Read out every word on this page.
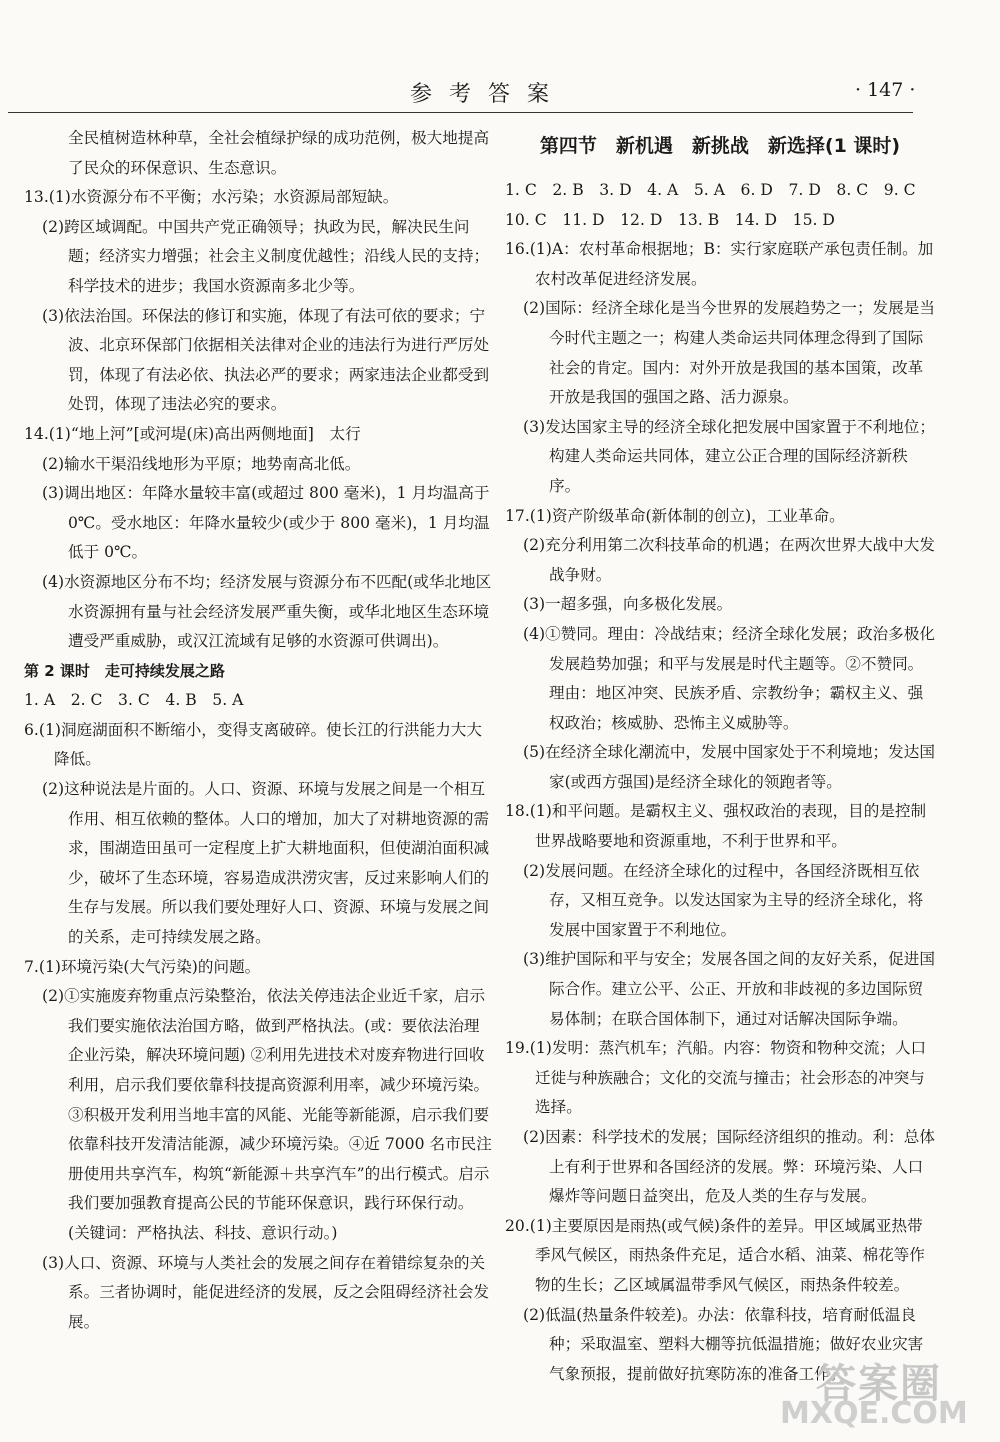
参考答案	· 147 ·

全民植树造林种草，全社会植绿护绿的成功范例，极大地提高了民众的环保意识、生态意识。

13.(1)水资源分布不平衡；水污染；水资源局部短缺。

(2)跨区域调配。中国共产党正确领导；执政为民，解决民生问题；经济实力增强；社会主义制度优越性；沿线人民的支持；科学技术的进步；我国水资源南多北少等。

(3)依法治国。环保法的修订和实施，体现了有法可依的要求；宁波、北京环保部门依据相关法律对企业的违法行为进行严厉处罚，体现了有法必依、执法必严的要求；两家违法企业都受到处罚，体现了违法必究的要求。

14.(1)“地上河”[或河堤(床)高出两侧地面]　太行

(2)输水干渠沿线地形为平原；地势南高北低。

(3)调出地区：年降水量较丰富(或超过 800 毫米)，1 月均温高于 0℃。受水地区：年降水量较少(或少于 800 毫米)，1 月均温低于 0℃。

(4)水资源地区分布不均；经济发展与资源分布不匹配(或华北地区水资源拥有量与社会经济发展严重失衡，或华北地区生态环境遭受严重威胁，或汉江流域有足够的水资源可供调出)。

第 2 课时　走可持续发展之路

1. A　2. C　3. C　4. B　5. A

6.(1)洞庭湖面积不断缩小，变得支离破碎。使长江的行洪能力大大降低。

(2)这种说法是片面的。人口、资源、环境与发展之间是一个相互作用、相互依赖的整体。人口的增加，加大了对耕地资源的需求，围湖造田虽可一定程度上扩大耕地面积，但使湖泊面积减少，破坏了生态环境，容易造成洪涝灾害，反过来影响人们的生存与发展。所以我们要处理好人口、资源、环境与发展之间的关系，走可持续发展之路。

7.(1)环境污染(大气污染)的问题。

(2)①实施废弃物重点污染整治，依法关停违法企业近千家，启示我们要实施依法治国方略，做到严格执法。(或：要依法治理企业污染，解决环境问题) ②利用先进技术对废弃物进行回收利用，启示我们要依靠科技提高资源利用率，减少环境污染。③积极开发利用当地丰富的风能、光能等新能源，启示我们要依靠科技开发清洁能源，减少环境污染。④近 7000 名市民注册使用共享汽车，构筑“新能源＋共享汽车”的出行模式。启示我们要加强教育提高公民的节能环保意识，践行环保行动。(关键词：严格执法、科技、意识行动。)

(3)人口、资源、环境与人类社会的发展之间存在着错综复杂的关系。三者协调时，能促进经济的发展，反之会阻碍经济社会发展。

第四节　新机遇　新挑战　新选择(1 课时)

1. C　2. B　3. D　4. A　5. A　6. D　7. D　8. C　9. C

10. C　11. D　12. D　13. B　14. D　15. D

16.(1)A：农村革命根据地；B：实行家庭联产承包责任制。加农村改革促进经济发展。

(2)国际：经济全球化是当今世界的发展趋势之一；发展是当今时代主题之一；构建人类命运共同体理念得到了国际社会的肯定。国内：对外开放是我国的基本国策，改革开放是我国的强国之路、活力源泉。

(3)发达国家主导的经济全球化把发展中国家置于不利地位；构建人类命运共同体，建立公正合理的国际经济新秩序。

17.(1)资产阶级革命(新体制的创立)，工业革命。

(2)充分利用第二次科技革命的机遇；在两次世界大战中大发战争财。

(3)一超多强，向多极化发展。

(4)①赞同。理由：冷战结束；经济全球化发展；政治多极化发展趋势加强；和平与发展是时代主题等。②不赞同。理由：地区冲突、民族矛盾、宗教纷争；霸权主义、强权政治；核威胁、恐怖主义威胁等。

(5)在经济全球化潮流中，发展中国家处于不利境地；发达国家(或西方强国)是经济全球化的领跑者等。

18.(1)和平问题。是霸权主义、强权政治的表现，目的是控制世界战略要地和资源重地，不利于世界和平。

(2)发展问题。在经济全球化的过程中，各国经济既相互依存，又相互竞争。以发达国家为主导的经济全球化，将发展中国家置于不利地位。

(3)维护国际和平与安全；发展各国之间的友好关系，促进国际合作。建立公平、公正、开放和非歧视的多边国际贸易体制；在联合国体制下，通过对话解决国际争端。

19.(1)发明：蒸汽机车；汽船。内容：物资和物种交流；人口迁徙与种族融合；文化的交流与撞击；社会形态的冲突与选择。

(2)因素：科学技术的发展；国际经济组织的推动。利：总体上有利于世界和各国经济的发展。弊：环境污染、人口爆炸等问题日益突出，危及人类的生存与发展。

20.(1)主要原因是雨热(或气候)条件的差异。甲区域属亚热带季风气候区，雨热条件充足，适合水稻、油菜、棉花等作物的生长；乙区域属温带季风气候区，雨热条件较差。

(2)低温(热量条件较差)。办法：依靠科技，培育耐低温良种；采取温室、塑料大棚等抗低温措施；做好农业灾害气象预报，提前做好抗寒防冻的准备工作。

答案圈
MXQE.COM
